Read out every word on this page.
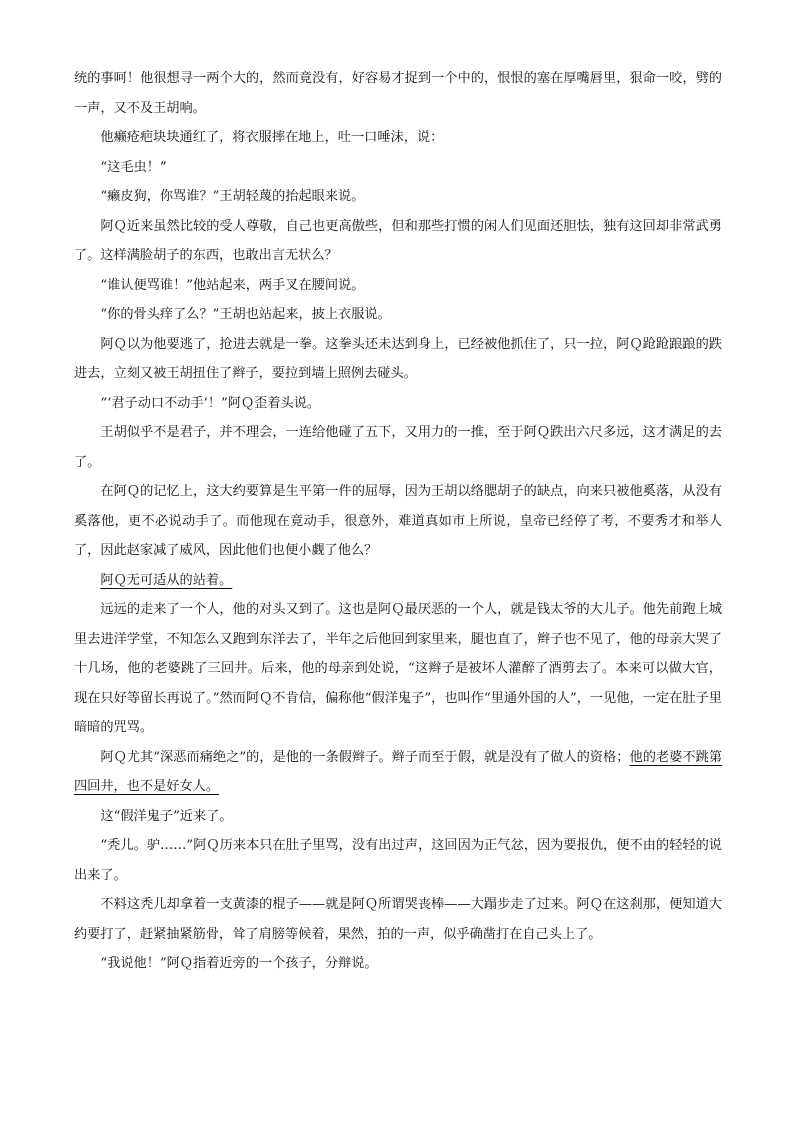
统的事呵！他很想寻一两个大的，然而竟没有，好容易才捉到一个中的，恨恨的塞在厚嘴唇里，狠命一咬，劈的一声，又不及王胡响。

他癞疮疤块块通红了，将衣服摔在地上，吐一口唾沫，说：

“这毛虫！”

“癞皮狗，你骂谁？”王胡轻蔑的抬起眼来说。

阿Ｑ近来虽然比较的受人尊敬，自己也更高傲些，但和那些打惯的闲人们见面还胆怯，独有这回却非常武勇了。这样满脸胡子的东西，也敢出言无状么？

“谁认便骂谁！”他站起来，两手叉在腰间说。

“你的骨头痒了么？”王胡也站起来，披上衣服说。

阿Ｑ以为他要逃了，抢进去就是一拳。这拳头还未达到身上，已经被他抓住了，只一拉，阿Ｑ跄跄踉踉的跌进去，立刻又被王胡扭住了辫子，要拉到墙上照例去碰头。

“‘君子动口不动手’！”阿Ｑ歪着头说。

王胡似乎不是君子，并不理会，一连给他碰了五下，又用力的一推，至于阿Ｑ跌出六尺多远，这才满足的去了。

在阿Ｑ的记忆上，这大约要算是生平第一件的屈辱，因为王胡以络腮胡子的缺点，向来只被他奚落，从没有奚落他，更不必说动手了。而他现在竟动手，很意外，难道真如市上所说，皇帝已经停了考，不要秀才和举人了，因此赵家减了威风，因此他们也便小觑了他么？

阿Ｑ无可适从的站着。

远远的走来了一个人，他的对头又到了。这也是阿Ｑ最厌恶的一个人，就是钱太爷的大儿子。他先前跑上城里去进洋学堂，不知怎么又跑到东洋去了，半年之后他回到家里来，腿也直了，辫子也不见了，他的母亲大哭了十几场，他的老婆跳了三回井。后来，他的母亲到处说，“这辫子是被坏人灌醉了酒剪去了。本来可以做大官，现在只好等留长再说了。”然而阿Ｑ不肯信，偏称他“假洋鬼子”，也叫作“里通外国的人”，一见他，一定在肚子里暗暗的咒骂。

阿Ｑ尤其“深恶而痛绝之”的，是他的一条假辫子。辫子而至于假，就是没有了做人的资格；他的老婆不跳第四回井，也不是好女人。

这“假洋鬼子”近来了。

“秃儿。驴……”阿Ｑ历来本只在肚子里骂，没有出过声，这回因为正气忿，因为要报仇，便不由的轻轻的说出来了。

不料这秃儿却拿着一支黄漆的棍子——就是阿Ｑ所谓哭丧棒——大蹋步走了过来。阿Ｑ在这刹那，便知道大约要打了，赶紧抽紧筋骨，耸了肩膀等候着，果然，拍的一声，似乎确凿打在自己头上了。

“我说他！”阿Ｑ指着近旁的一个孩子，分辩说。
